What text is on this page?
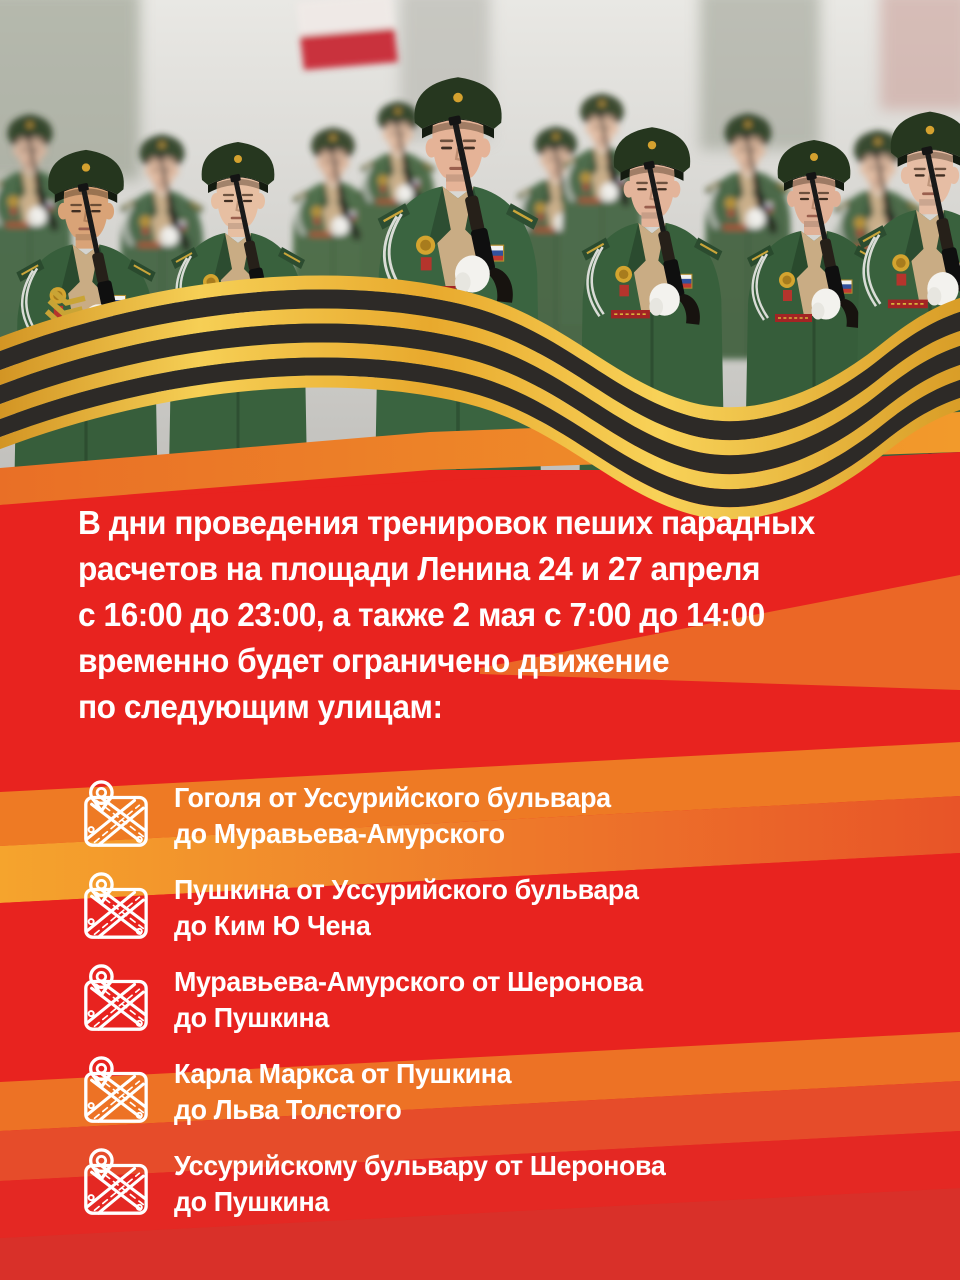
В дни проведения тренировок пеших парадных
расчетов на площади Ленина 24 и 27 апреля
с 16:00 до 23:00, а также 2 мая с 7:00 до 14:00
временно будет ограничено движение
по следующим улицам:
Гоголя от Уссурийского бульвара
до Муравьева-Амурского
Пушкина от Уссурийского бульвара
до Ким Ю Чена
Муравьева-Амурского от Шеронова
до Пушкина
Карла Маркса от Пушкина
до Льва Толстого
Уссурийскому бульвару от Шеронова
до Пушкина
